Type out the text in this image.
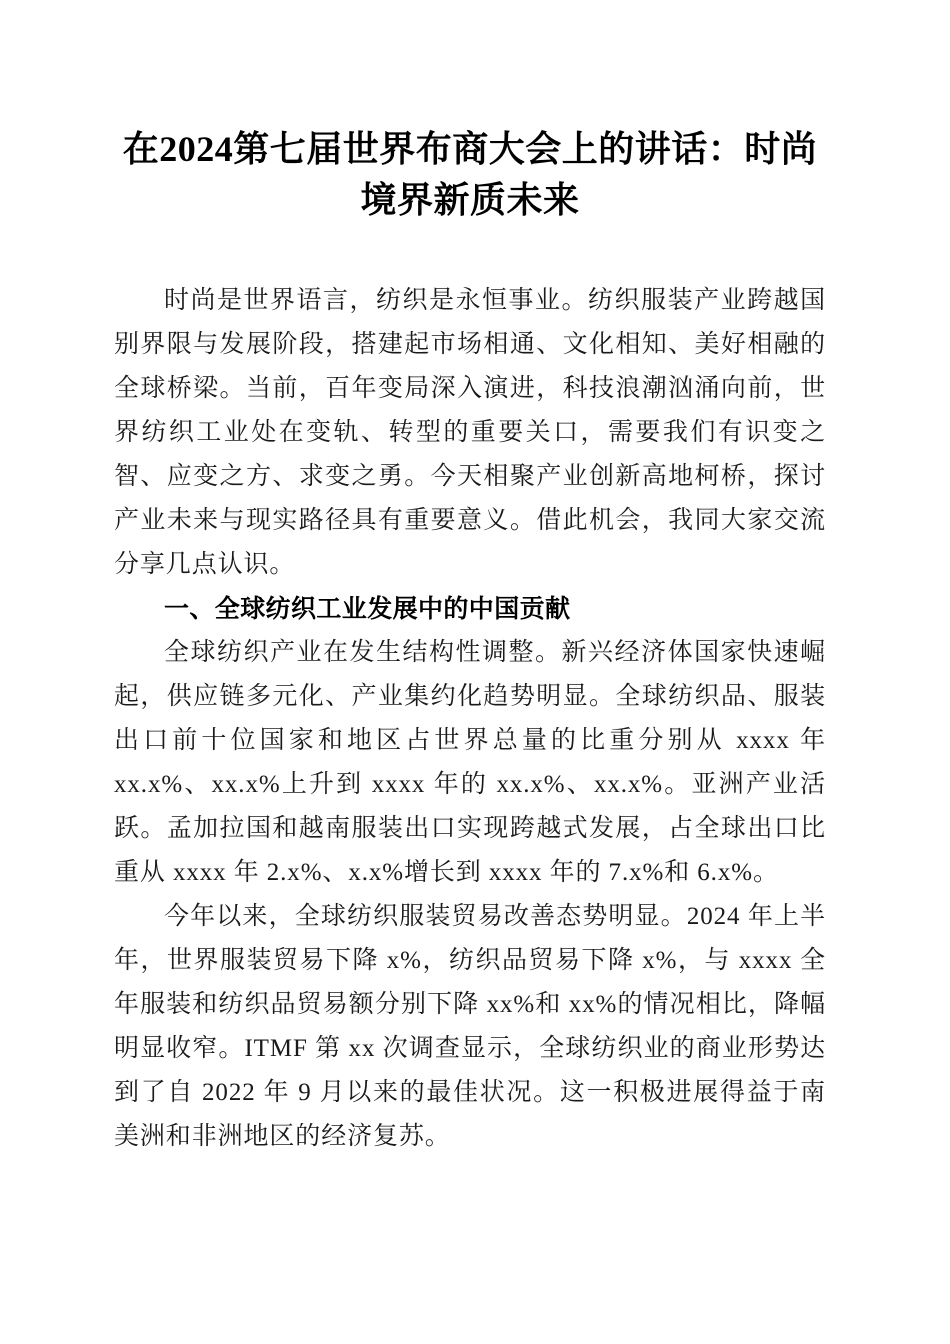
在2024第七届世界布商大会上的讲话：时尚境界新质未来

时尚是世界语言，纺织是永恒事业。纺织服装产业跨越国别界限与发展阶段，搭建起市场相通、文化相知、美好相融的全球桥梁。当前，百年变局深入演进，科技浪潮汹涌向前，世界纺织工业处在变轨、转型的重要关口，需要我们有识变之智、应变之方、求变之勇。今天相聚产业创新高地柯桥，探讨产业未来与现实路径具有重要意义。借此机会，我同大家交流分享几点认识。

一、全球纺织工业发展中的中国贡献

全球纺织产业在发生结构性调整。新兴经济体国家快速崛起，供应链多元化、产业集约化趋势明显。全球纺织品、服装出口前十位国家和地区占世界总量的比重分别从 xxxx 年 xx.x%、xx.x%上升到 xxxx 年的 xx.x%、xx.x%。亚洲产业活跃。孟加拉国和越南服装出口实现跨越式发展，占全球出口比重从 xxxx 年 2.x%、x.x%增长到 xxxx 年的 7.x%和 6.x%。

今年以来，全球纺织服装贸易改善态势明显。2024 年上半年，世界服装贸易下降 x%，纺织品贸易下降 x%，与 xxxx 全年服装和纺织品贸易额分别下降 xx%和 xx%的情况相比，降幅明显收窄。ITMF 第 xx 次调查显示，全球纺织业的商业形势达到了自 2022 年 9 月以来的最佳状况。这一积极进展得益于南美洲和非洲地区的经济复苏。
